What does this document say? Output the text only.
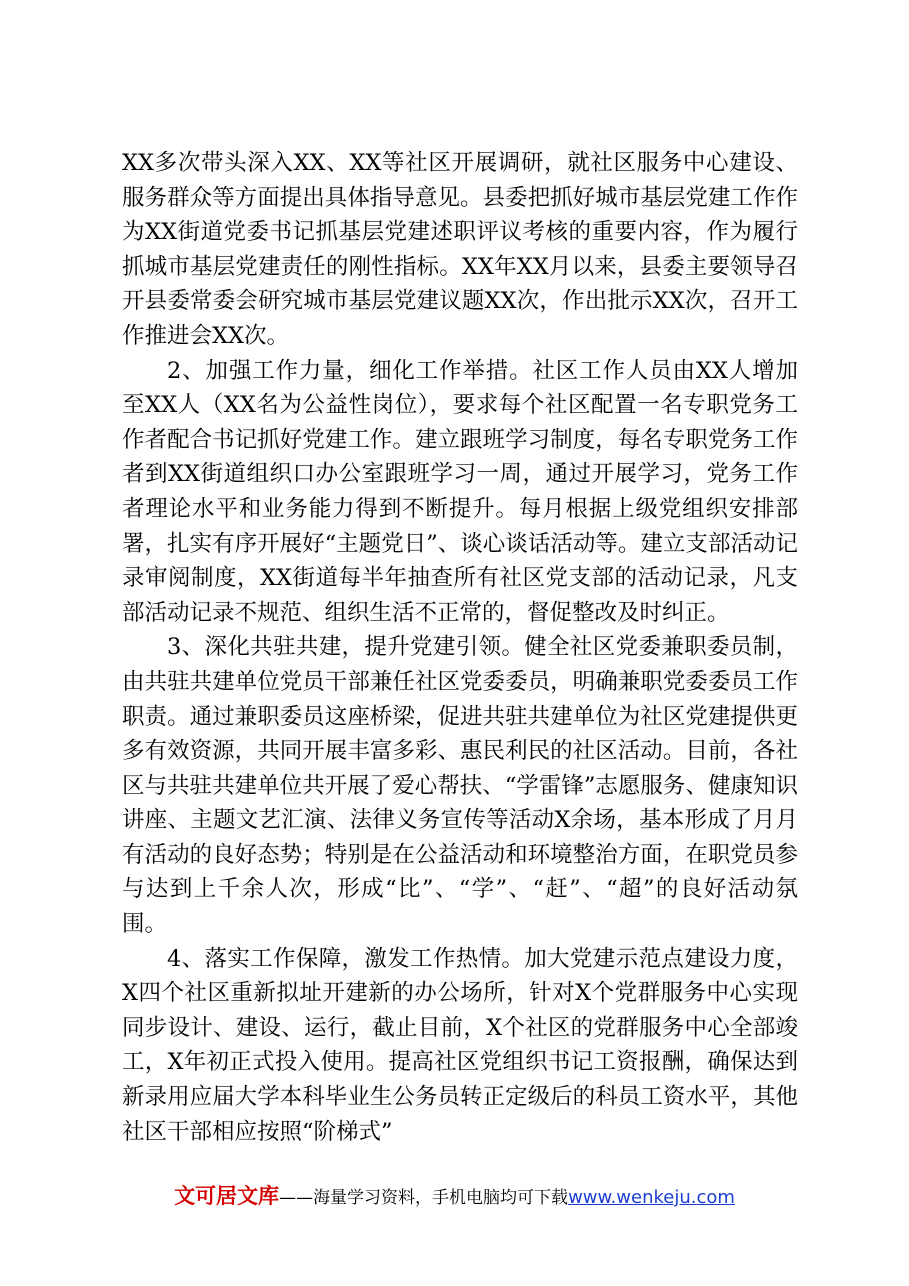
XX多次带头深入XX、XX等社区开展调研，就社区服务中心建设、服务群众等方面提出具体指导意见。县委把抓好城市基层党建工作作为XX街道党委书记抓基层党建述职评议考核的重要内容，作为履行抓城市基层党建责任的刚性指标。XX年XX月以来，县委主要领导召开县委常委会研究城市基层党建议题XX次，作出批示XX次，召开工作推进会XX次。

2、加强工作力量，细化工作举措。社区工作人员由XX人增加至XX人（XX名为公益性岗位），要求每个社区配置一名专职党务工作者配合书记抓好党建工作。建立跟班学习制度，每名专职党务工作者到XX街道组织口办公室跟班学习一周，通过开展学习，党务工作者理论水平和业务能力得到不断提升。每月根据上级党组织安排部署，扎实有序开展好“主题党日”、谈心谈话活动等。建立支部活动记录审阅制度，XX街道每半年抽查所有社区党支部的活动记录，凡支部活动记录不规范、组织生活不正常的，督促整改及时纠正。

3、深化共驻共建，提升党建引领。健全社区党委兼职委员制，由共驻共建单位党员干部兼任社区党委委员，明确兼职党委委员工作职责。通过兼职委员这座桥梁，促进共驻共建单位为社区党建提供更多有效资源，共同开展丰富多彩、惠民利民的社区活动。目前，各社区与共驻共建单位共开展了爱心帮扶、“学雷锋”志愿服务、健康知识讲座、主题文艺汇演、法律义务宣传等活动X余场，基本形成了月月有活动的良好态势；特别是在公益活动和环境整治方面，在职党员参与达到上千余人次，形成“比”、“学”、“赶”、“超”的良好活动氛围。

4、落实工作保障，激发工作热情。加大党建示范点建设力度，X四个社区重新拟址开建新的办公场所，针对X个党群服务中心实现同步设计、建设、运行，截止目前，X个社区的党群服务中心全部竣工，X年初正式投入使用。提高社区党组织书记工资报酬，确保达到新录用应届大学本科毕业生公务员转正定级后的科员工资水平，其他社区干部相应按照“阶梯式”

文可居文库——海量学习资料，手机电脑均可下载www.wenkeju.com
